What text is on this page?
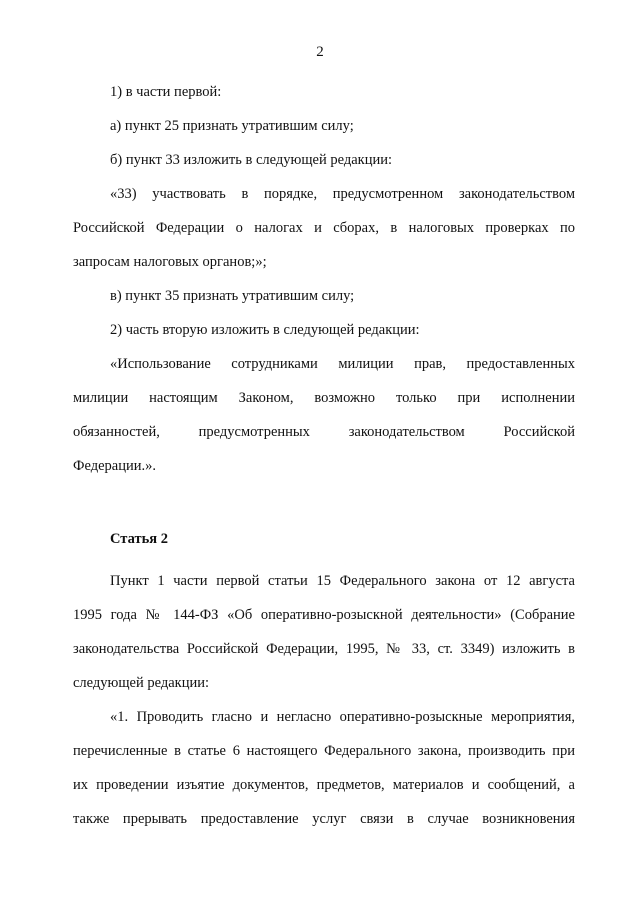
2
1) в части первой:
а) пункт 25 признать утратившим силу;
б) пункт 33 изложить в следующей редакции:
«33) участвовать в порядке, предусмотренном законодательством
Российской Федерации о налогах и сборах, в налоговых проверках по
запросам налоговых органов;»;
в) пункт 35 признать утратившим силу;
2) часть вторую изложить в следующей редакции:
«Использование сотрудниками милиции прав, предоставленных
милиции настоящим Законом, возможно только при исполнении
обязанностей, предусмотренных законодательством Российской
Федерации.».

Статья 2

Пункт 1 части первой статьи 15 Федерального закона от 12 августа
1995 года № 144-ФЗ «Об оперативно-розыскной деятельности» (Собрание
законодательства Российской Федерации, 1995, № 33, ст. 3349) изложить в
следующей редакции:
«1. Проводить гласно и негласно оперативно-розыскные мероприятия,
перечисленные в статье 6 настоящего Федерального закона, производить при
их проведении изъятие документов, предметов, материалов и сообщений, а
также прерывать предоставление услуг связи в случае возникновения
